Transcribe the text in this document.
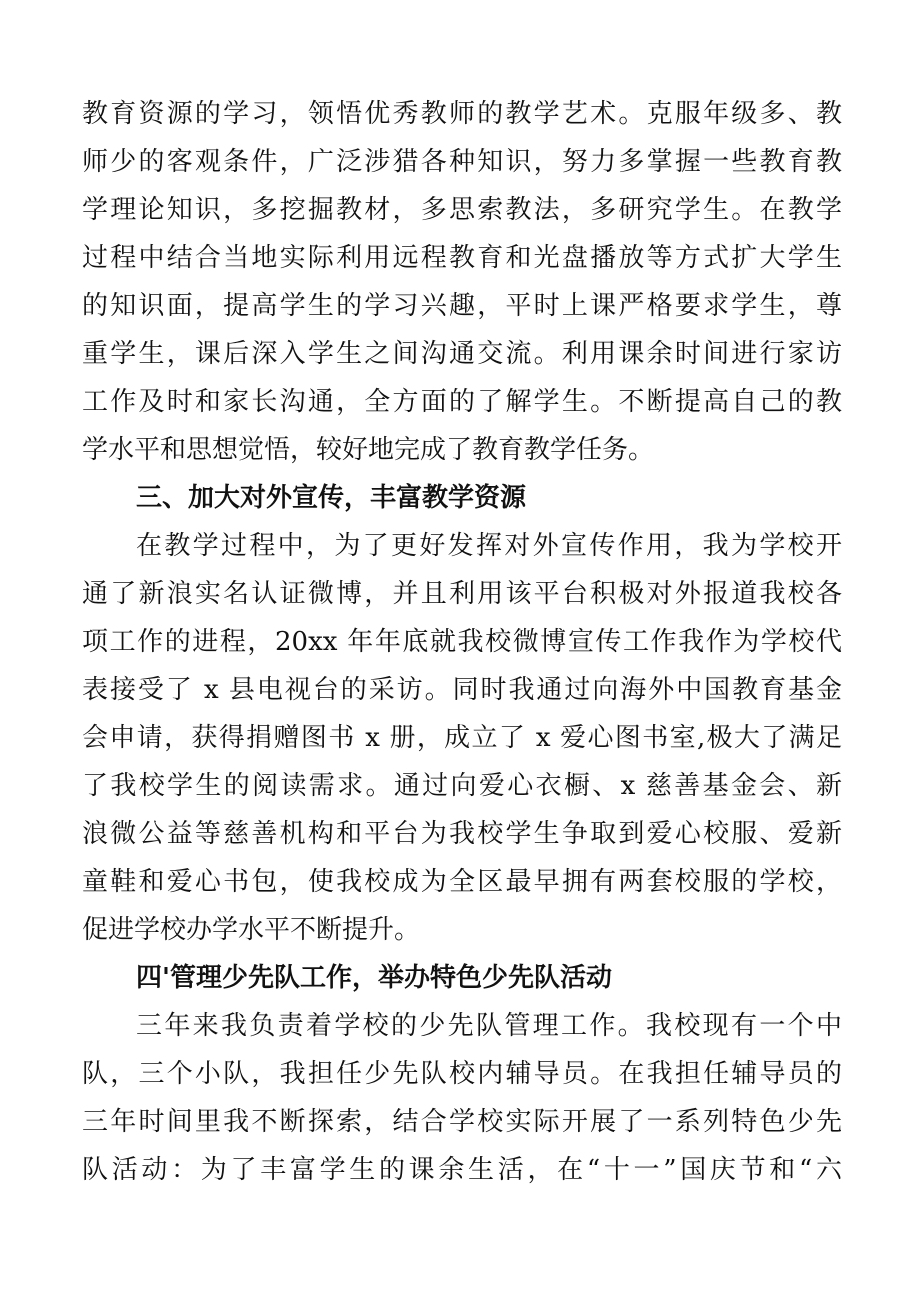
教育资源的学习，领悟优秀教师的教学艺术。克服年级多、教
师少的客观条件，广泛涉猎各种知识，努力多掌握一些教育教
学理论知识，多挖掘教材，多思索教法，多研究学生。在教学
过程中结合当地实际利用远程教育和光盘播放等方式扩大学生
的知识面，提高学生的学习兴趣，平时上课严格要求学生，尊
重学生，课后深入学生之间沟通交流。利用课余时间进行家访
工作及时和家长沟通，全方面的了解学生。不断提高自己的教
学水平和思想觉悟，较好地完成了教育教学任务。
三、加大对外宣传，丰富教学资源
在教学过程中，为了更好发挥对外宣传作用，我为学校开
通了新浪实名认证微博，并且利用该平台积极对外报道我校各
项工作的进程，20xx 年年底就我校微博宣传工作我作为学校代
表接受了 x 县电视台的采访。同时我通过向海外中国教育基金
会申请，获得捐赠图书 x 册，成立了 x 爱心图书室,极大了满足
了我校学生的阅读需求。通过向爱心衣橱、x 慈善基金会、新
浪微公益等慈善机构和平台为我校学生争取到爱心校服、爱新
童鞋和爱心书包，使我校成为全区最早拥有两套校服的学校，
促进学校办学水平不断提升。
四'管理少先队工作，举办特色少先队活动
三年来我负责着学校的少先队管理工作。我校现有一个中
队，三个小队，我担任少先队校内辅导员。在我担任辅导员的
三年时间里我不断探索，结合学校实际开展了一系列特色少先
队活动：为了丰富学生的课余生活，在“十一”国庆节和“六
